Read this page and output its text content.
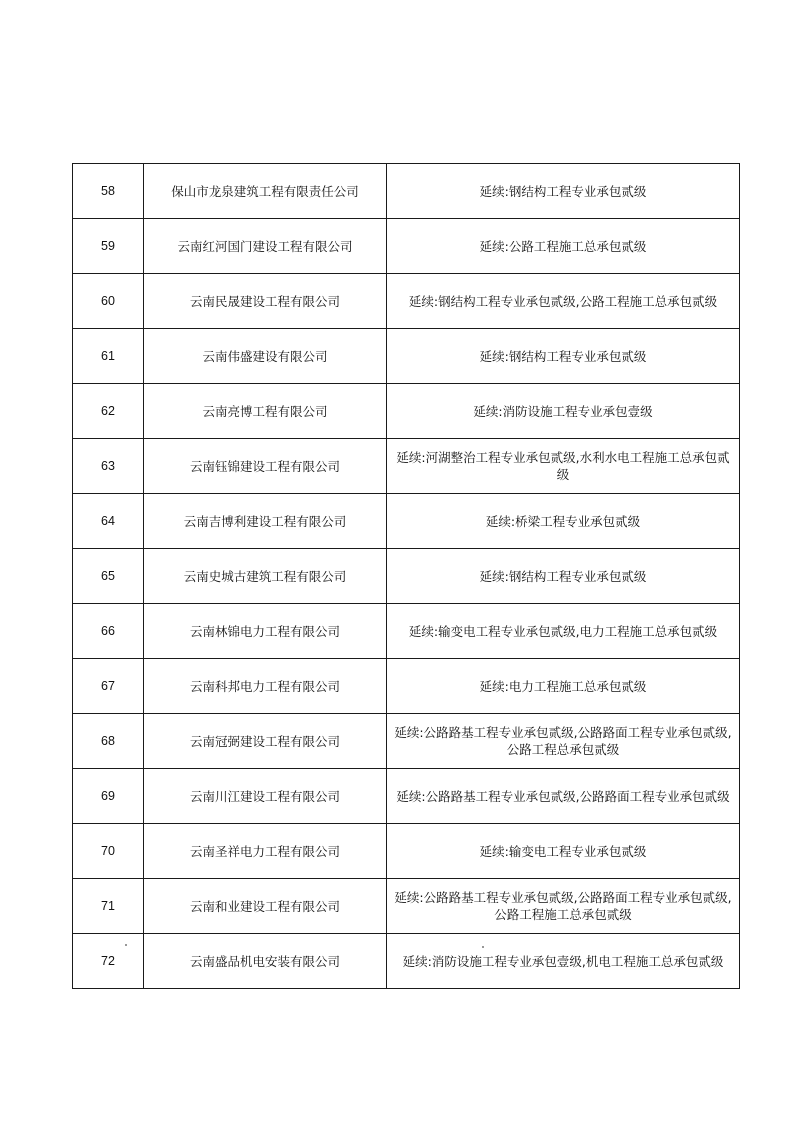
58	保山市龙泉建筑工程有限责任公司	延续:钢结构工程专业承包贰级
59	云南红河国门建设工程有限公司	延续:公路工程施工总承包贰级
60	云南民晟建设工程有限公司	延续:钢结构工程专业承包贰级,公路工程施工总承包贰级
61	云南伟盛建设有限公司	延续:钢结构工程专业承包贰级
62	云南亮博工程有限公司	延续:消防设施工程专业承包壹级
63	云南钰锦建设工程有限公司	延续:河湖整治工程专业承包贰级,水利水电工程施工总承包贰级
64	云南吉博利建设工程有限公司	延续:桥梁工程专业承包贰级
65	云南史城古建筑工程有限公司	延续:钢结构工程专业承包贰级
66	云南林锦电力工程有限公司	延续:输变电工程专业承包贰级,电力工程施工总承包贰级
67	云南科邦电力工程有限公司	延续:电力工程施工总承包贰级
68	云南冠弼建设工程有限公司	延续:公路路基工程专业承包贰级,公路路面工程专业承包贰级,公路工程总承包贰级
69	云南川江建设工程有限公司	延续:公路路基工程专业承包贰级,公路路面工程专业承包贰级
70	云南圣祥电力工程有限公司	延续:输变电工程专业承包贰级
71	云南和业建设工程有限公司	延续:公路路基工程专业承包贰级,公路路面工程专业承包贰级,公路工程施工总承包贰级
72	云南盛品机电安装有限公司	延续:消防设施工程专业承包壹级,机电工程施工总承包贰级
